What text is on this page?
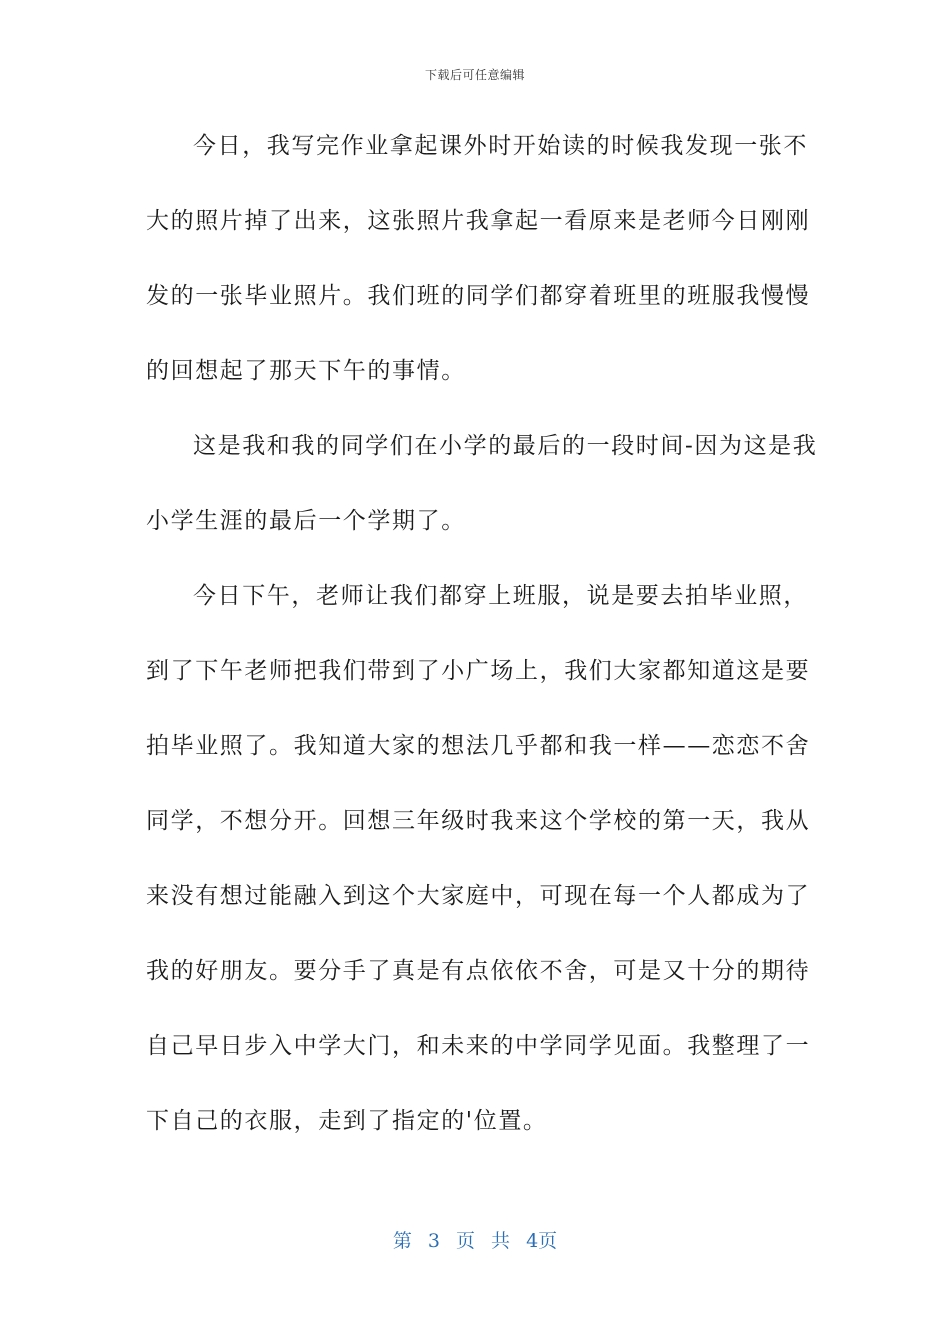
下载后可任意编辑
今日，我写完作业拿起课外时开始读的时候我发现一张不
大的照片掉了出来，这张照片我拿起一看原来是老师今日刚刚
发的一张毕业照片。我们班的同学们都穿着班里的班服我慢慢
的回想起了那天下午的事情。
这是我和我的同学们在小学的最后的一段时间-因为这是我
小学生涯的最后一个学期了。
今日下午，老师让我们都穿上班服，说是要去拍毕业照，
到了下午老师把我们带到了小广场上，我们大家都知道这是要
拍毕业照了。我知道大家的想法几乎都和我一样——恋恋不舍
同学，不想分开。回想三年级时我来这个学校的第一天，我从
来没有想过能融入到这个大家庭中，可现在每一个人都成为了
我的好朋友。要分手了真是有点依依不舍，可是又十分的期待
自己早日步入中学大门，和未来的中学同学见面。我整理了一
下自己的衣服，走到了指定的'位置。
第 3 页 共 4页
